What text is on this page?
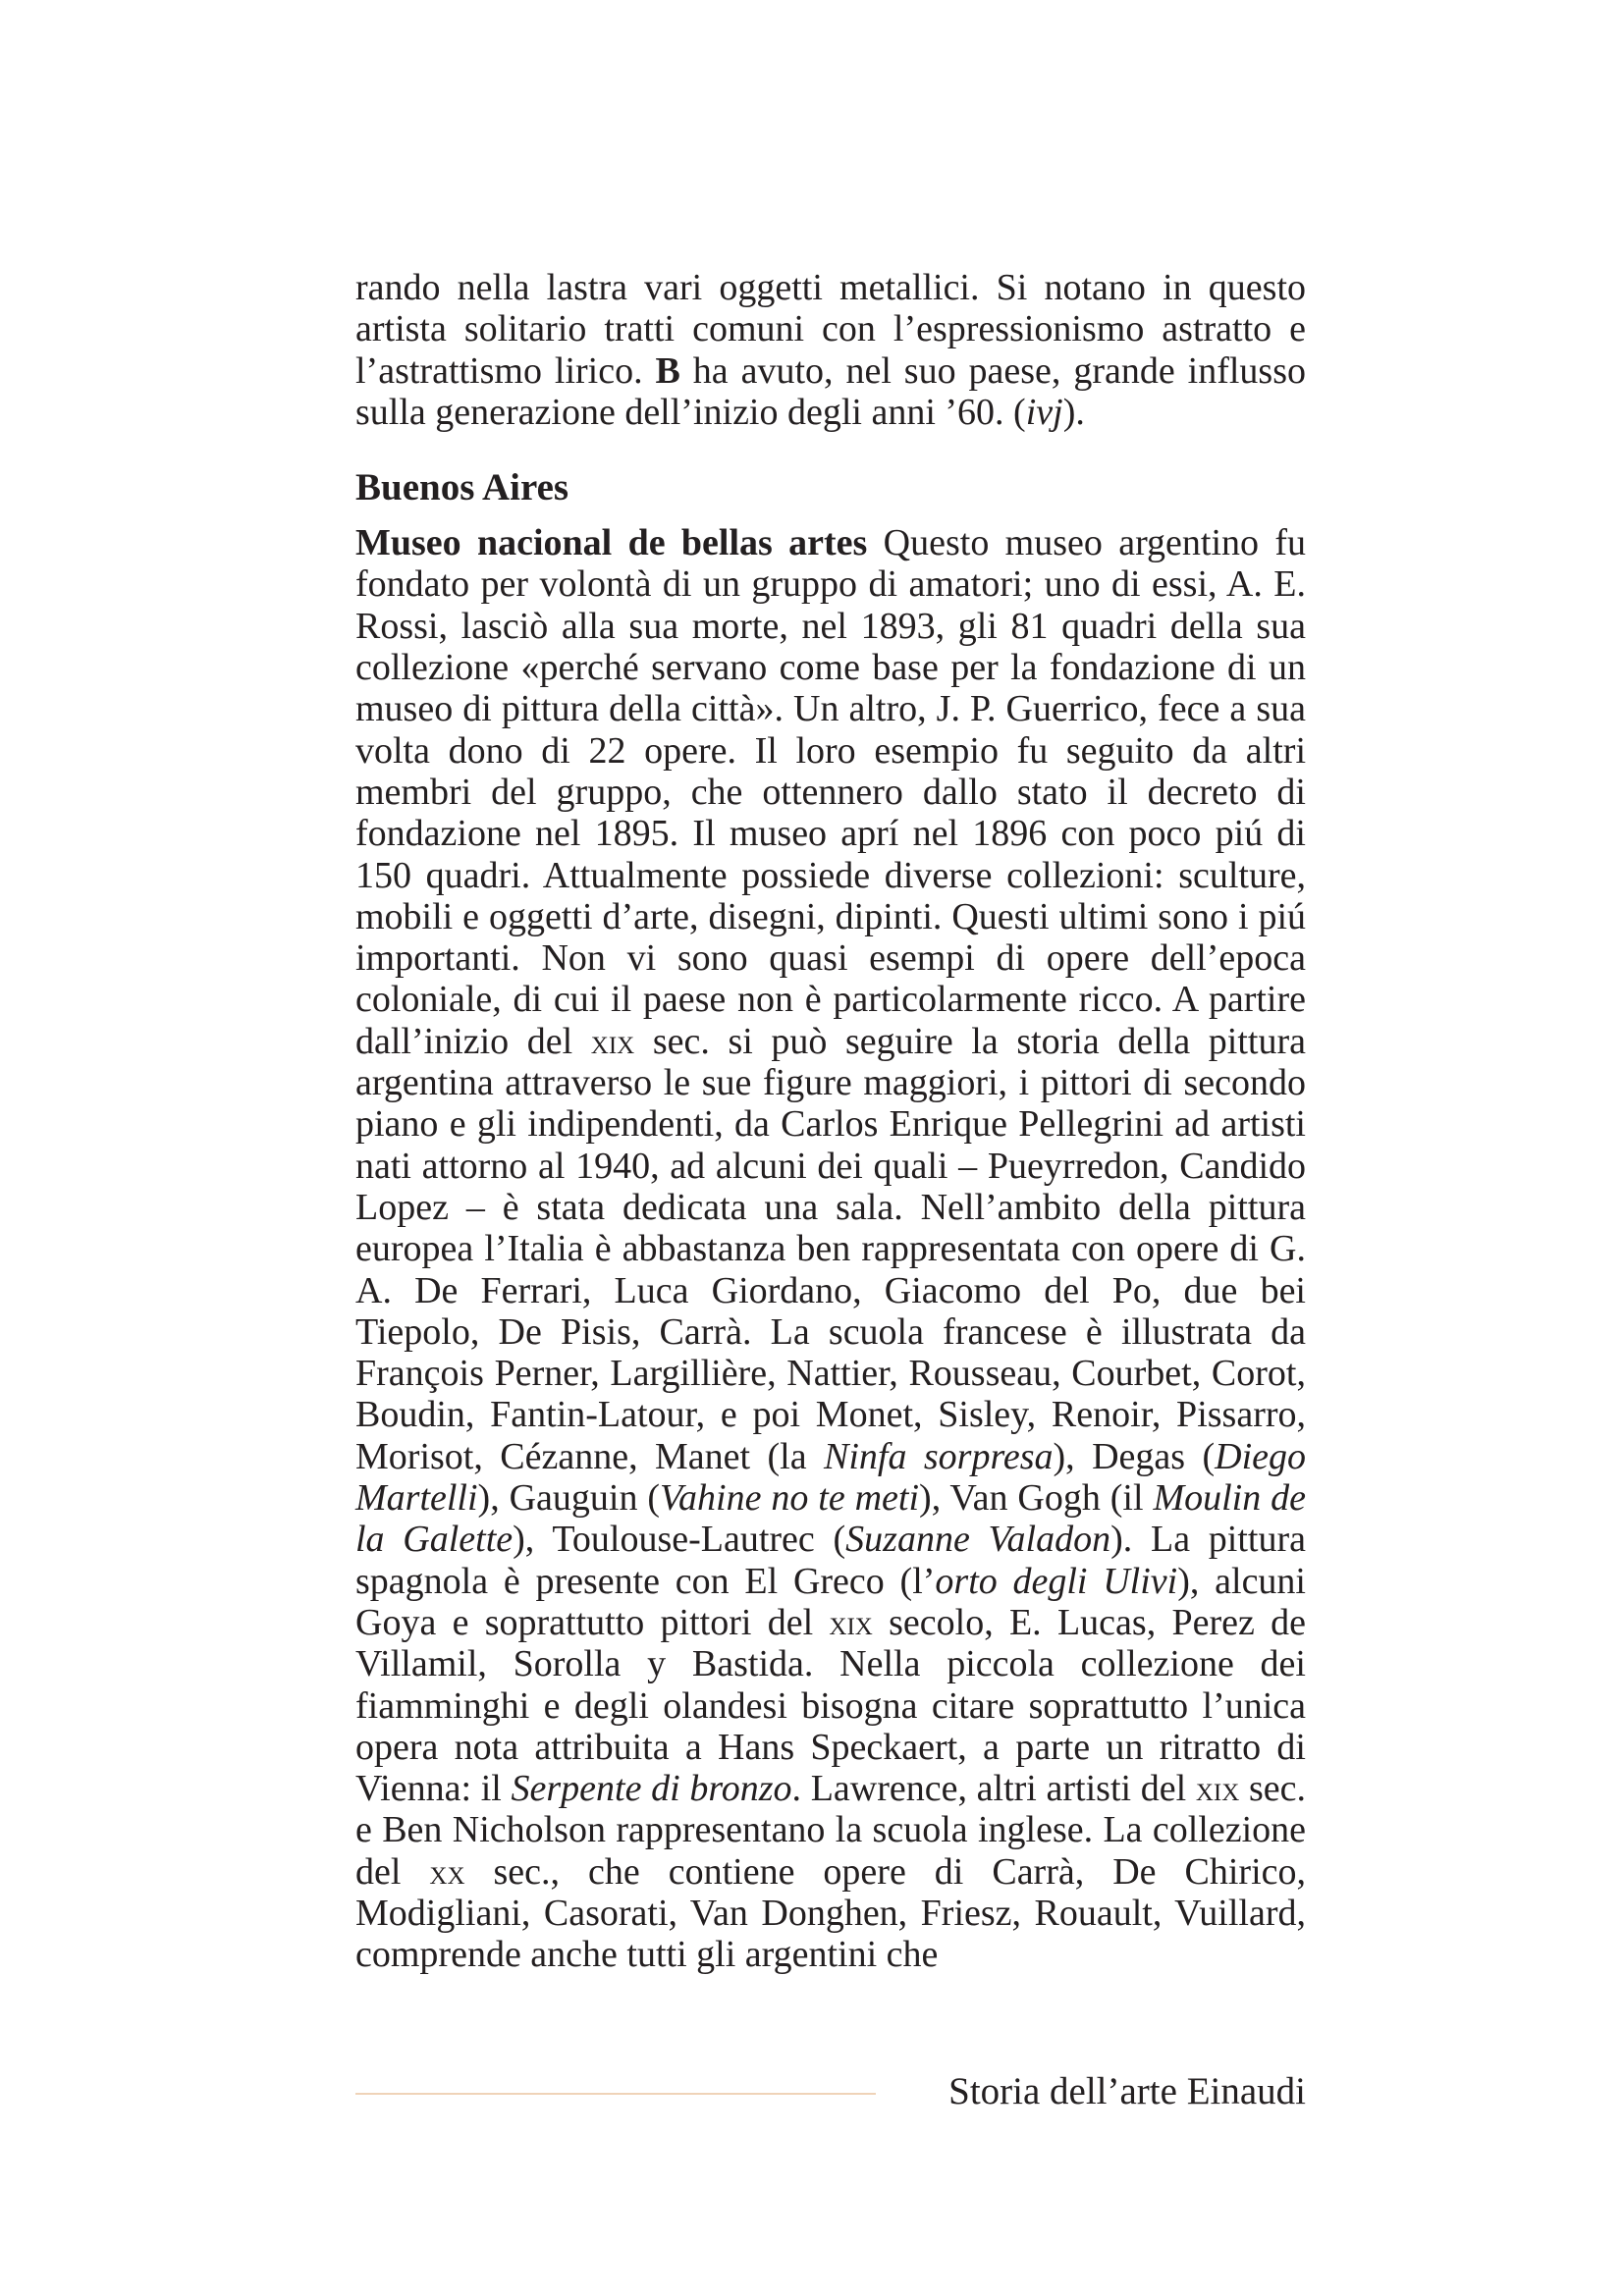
rando nella lastra vari oggetti metallici. Si notano in questo artista solitario tratti comuni con l’espressionismo astratto e l’astrattismo lirico. B ha avuto, nel suo paese, grande influsso sulla generazione dell’inizio degli anni ’60. (ivj).

Buenos Aires

Museo nacional de bellas artes Questo museo argentino fu fondato per volontà di un gruppo di amatori; uno di essi, A. E. Rossi, lasciò alla sua morte, nel 1893, gli 81 quadri della sua collezione «perché servano come base per la fondazione di un museo di pittura della città». Un altro, J. P. Guerrico, fece a sua volta dono di 22 opere. Il loro esempio fu seguito da altri membri del gruppo, che ottennero dallo stato il decreto di fondazione nel 1895. Il museo aprí nel 1896 con poco piú di 150 quadri. Attualmente possiede diverse collezioni: sculture, mobili e oggetti d’arte, disegni, dipinti. Questi ultimi sono i piú importanti. Non vi sono quasi esempi di opere dell’epoca coloniale, di cui il paese non è particolarmente ricco. A partire dall’inizio del xix sec. si può seguire la storia della pittura argentina attraverso le sue figure maggiori, i pittori di secondo piano e gli indipendenti, da Carlos Enrique Pellegrini ad artisti nati attorno al 1940, ad alcuni dei quali – Pueyrredon, Candido Lopez – è stata dedicata una sala. Nell’ambito della pittura europea l’Italia è abbastanza ben rappresentata con opere di G. A. De Ferrari, Luca Giordano, Giacomo del Po, due bei Tiepolo, De Pisis, Carrà. La scuola francese è illustrata da François Perner, Largillière, Nattier, Rousseau, Courbet, Corot, Boudin, Fantin-Latour, e poi Monet, Sisley, Renoir, Pissarro, Morisot, Cézanne, Manet (la Ninfa sorpresa), Degas (Diego Martelli), Gauguin (Vahine no te meti), Van Gogh (il Moulin de la Galette), Toulouse-Lautrec (Suzanne Valadon). La pittura spagnola è presente con El Greco (l’orto degli Ulivi), alcuni Goya e soprattutto pittori del xix secolo, E. Lucas, Perez de Villamil, Sorolla y Bastida. Nella piccola collezione dei fiamminghi e degli olandesi bisogna citare soprattutto l’unica opera nota attribuita a Hans Speckaert, a parte un ritratto di Vienna: il Serpente di bronzo. Lawrence, altri artisti del xix sec. e Ben Nicholson rappresentano la scuola inglese. La collezione del xx sec., che contiene opere di Carrà, De Chirico, Modigliani, Casorati, Van Donghen, Friesz, Rouault, Vuillard, comprende anche tutti gli argentini che

Storia dell’arte Einaudi
